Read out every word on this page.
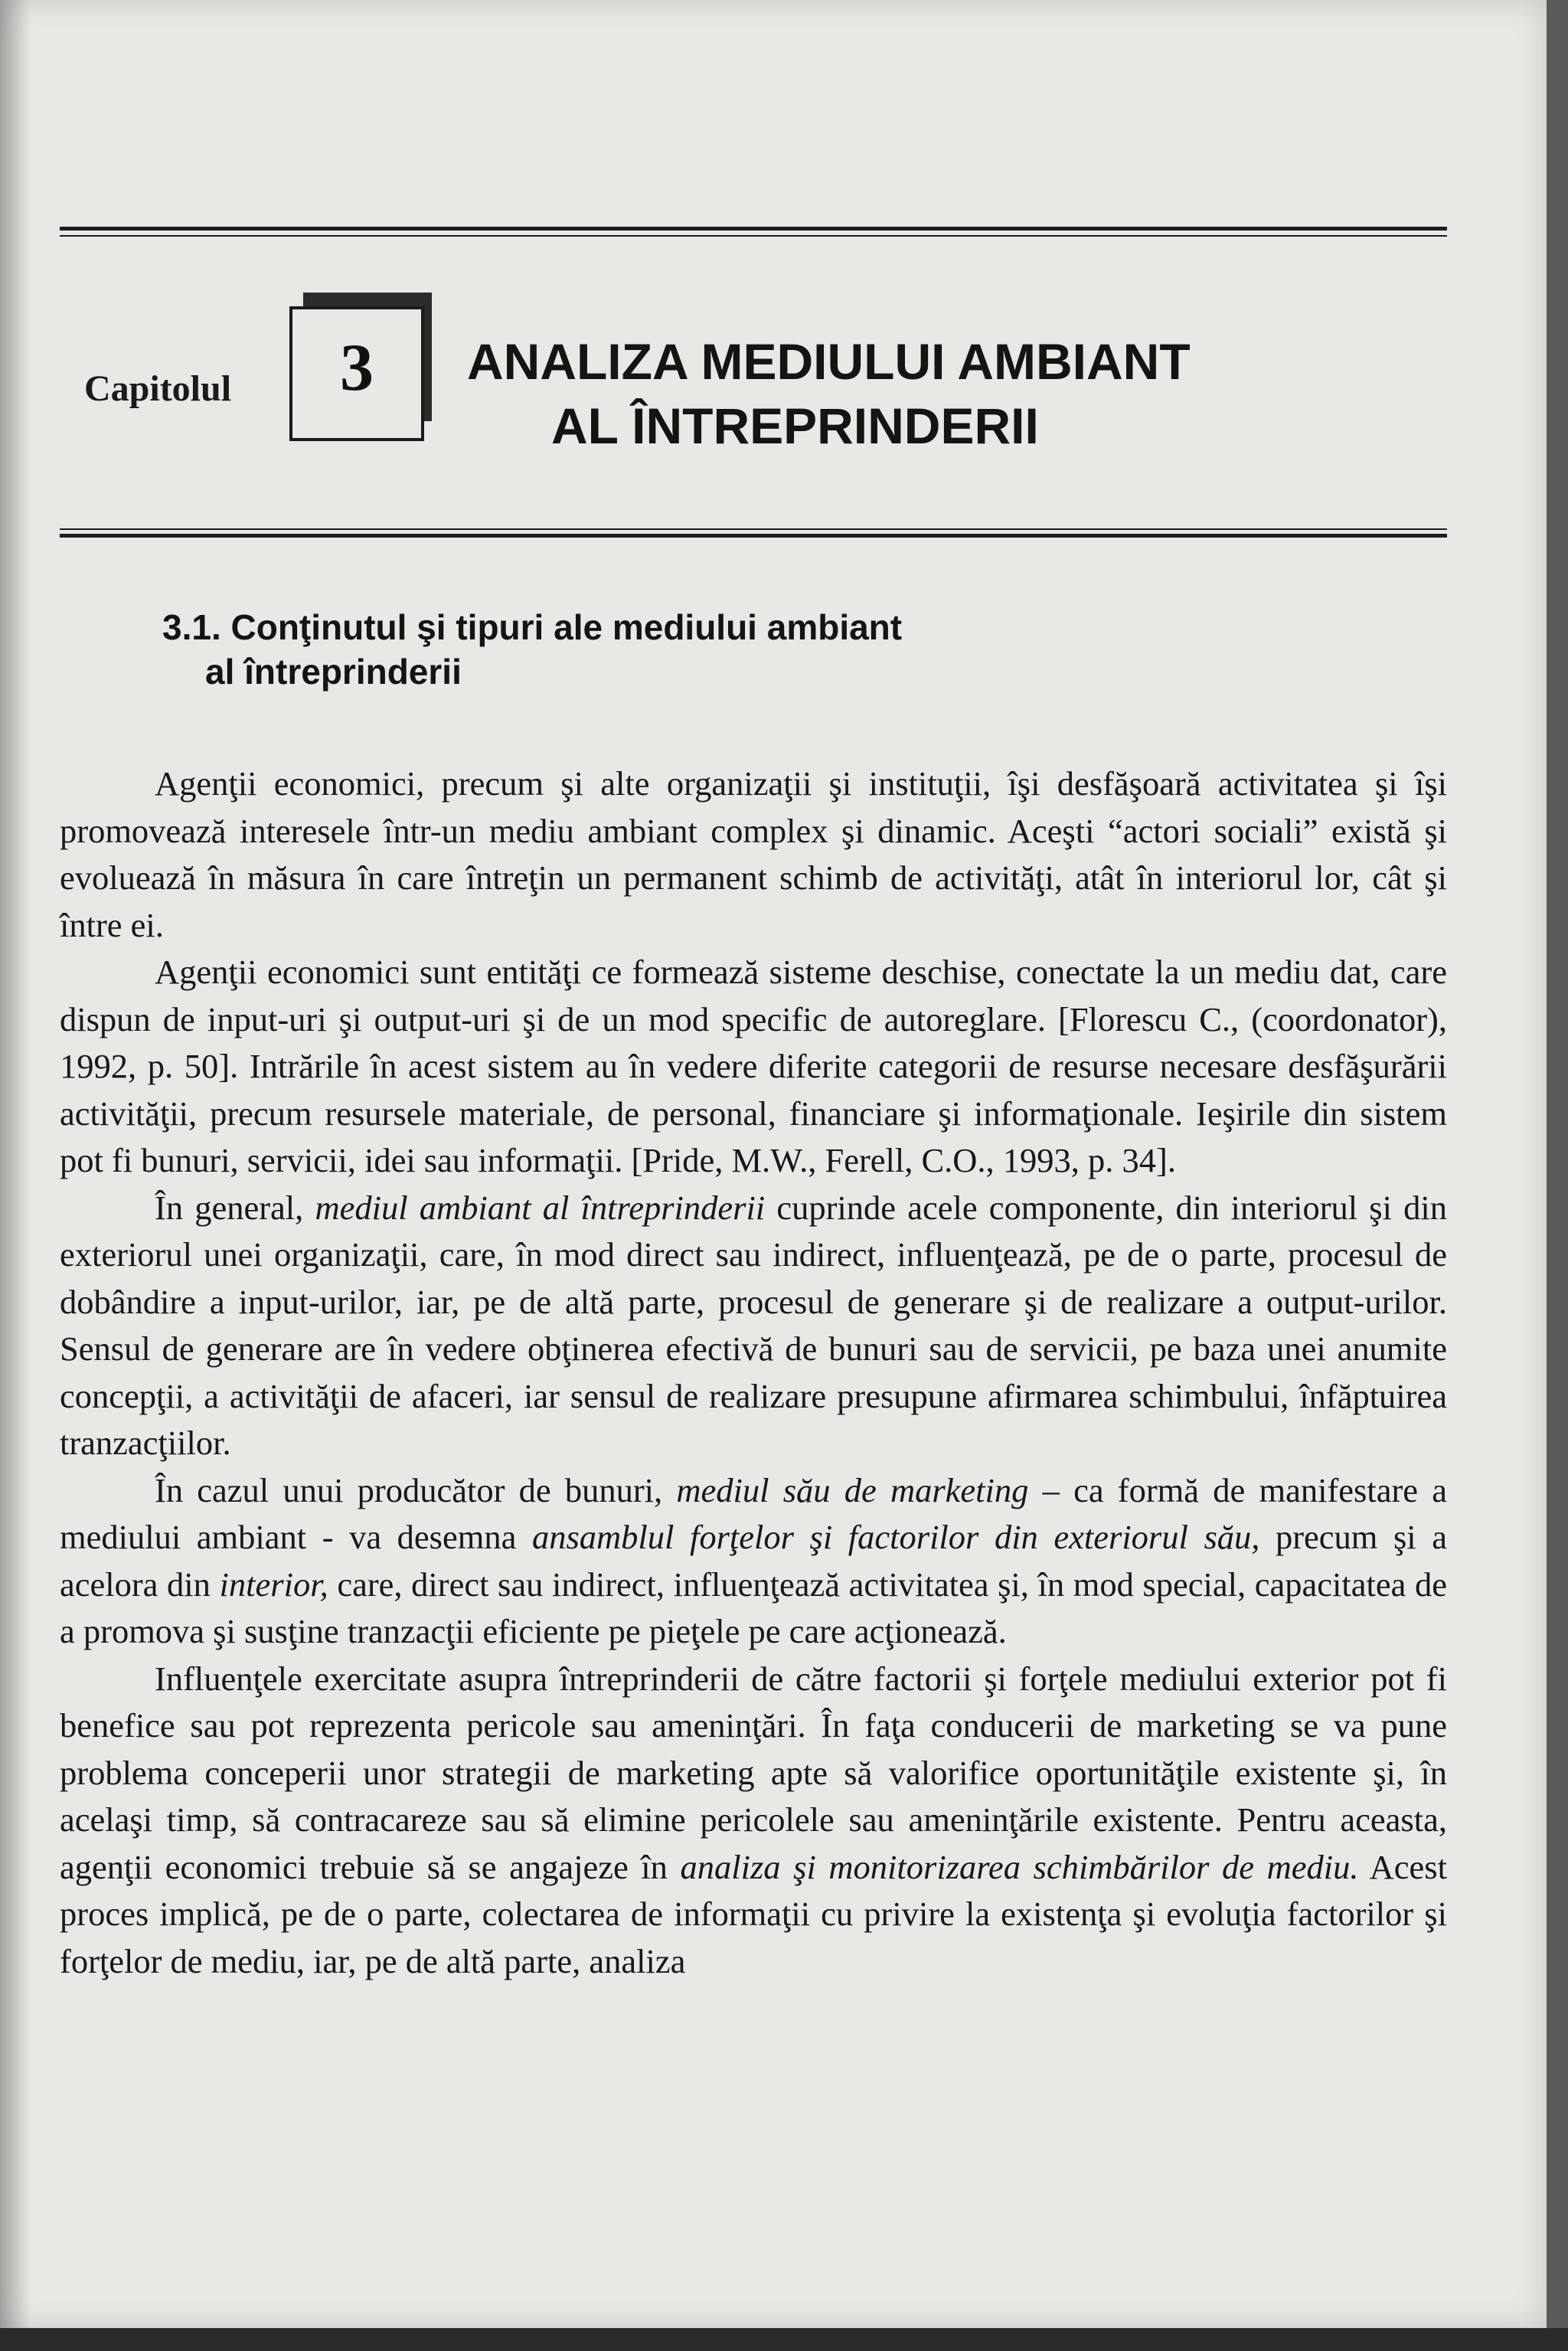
Capitolul	3	ANALIZA MEDIULUI AMBIANT
AL ÎNTREPRINDERII
3.1. Conţinutul şi tipuri ale mediului ambiant
al întreprinderii

Agenţii economici, precum şi alte organizaţii şi instituţii, îşi desfăşoară activitatea şi îşi promovează interesele într-un mediu ambiant complex şi dinamic. Aceşti “actori sociali” există şi evoluează în măsura în care întreţin un permanent schimb de activităţi, atât în interiorul lor, cât şi între ei.

Agenţii economici sunt entităţi ce formează sisteme deschise, conectate la un mediu dat, care dispun de input-uri şi output-uri şi de un mod specific de autoreglare. [Florescu C., (coordonator), 1992, p. 50]. Intrările în acest sistem au în vedere diferite categorii de resurse necesare desfăşurării activităţii, precum resursele materiale, de personal, financiare şi informaţionale. Ieşirile din sistem pot fi bunuri, servicii, idei sau informaţii. [Pride, M.W., Ferell, C.O., 1993, p. 34].

În general, mediul ambiant al întreprinderii cuprinde acele componente, din interiorul şi din exteriorul unei organizaţii, care, în mod direct sau indirect, influenţează, pe de o parte, procesul de dobândire a input-urilor, iar, pe de altă parte, procesul de generare şi de realizare a output-urilor. Sensul de generare are în vedere obţinerea efectivă de bunuri sau de servicii, pe baza unei anumite concepţii, a activităţii de afaceri, iar sensul de realizare presupune afirmarea schimbului, înfăptuirea tranzacţiilor.

În cazul unui producător de bunuri, mediul său de marketing – ca formă de manifestare a mediului ambiant - va desemna ansamblul forţelor şi factorilor din exteriorul său, precum şi a acelora din interior, care, direct sau indirect, influenţează activitatea şi, în mod special, capacitatea de a promova şi susţine tranzacţii eficiente pe pieţele pe care acţionează.

Influenţele exercitate asupra întreprinderii de către factorii şi forţele mediului exterior pot fi benefice sau pot reprezenta pericole sau ameninţări. În faţa conducerii de marketing se va pune problema conceperii unor strategii de marketing apte să valorifice oportunităţile existente şi, în acelaşi timp, să contracareze sau să elimine pericolele sau ameninţările existente. Pentru aceasta, agenţii economici trebuie să se angajeze în analiza şi monitorizarea schimbărilor de mediu. Acest proces implică, pe de o parte, colectarea de informaţii cu privire la existenţa şi evoluţia factorilor şi forţelor de mediu, iar, pe de altă parte, analiza
